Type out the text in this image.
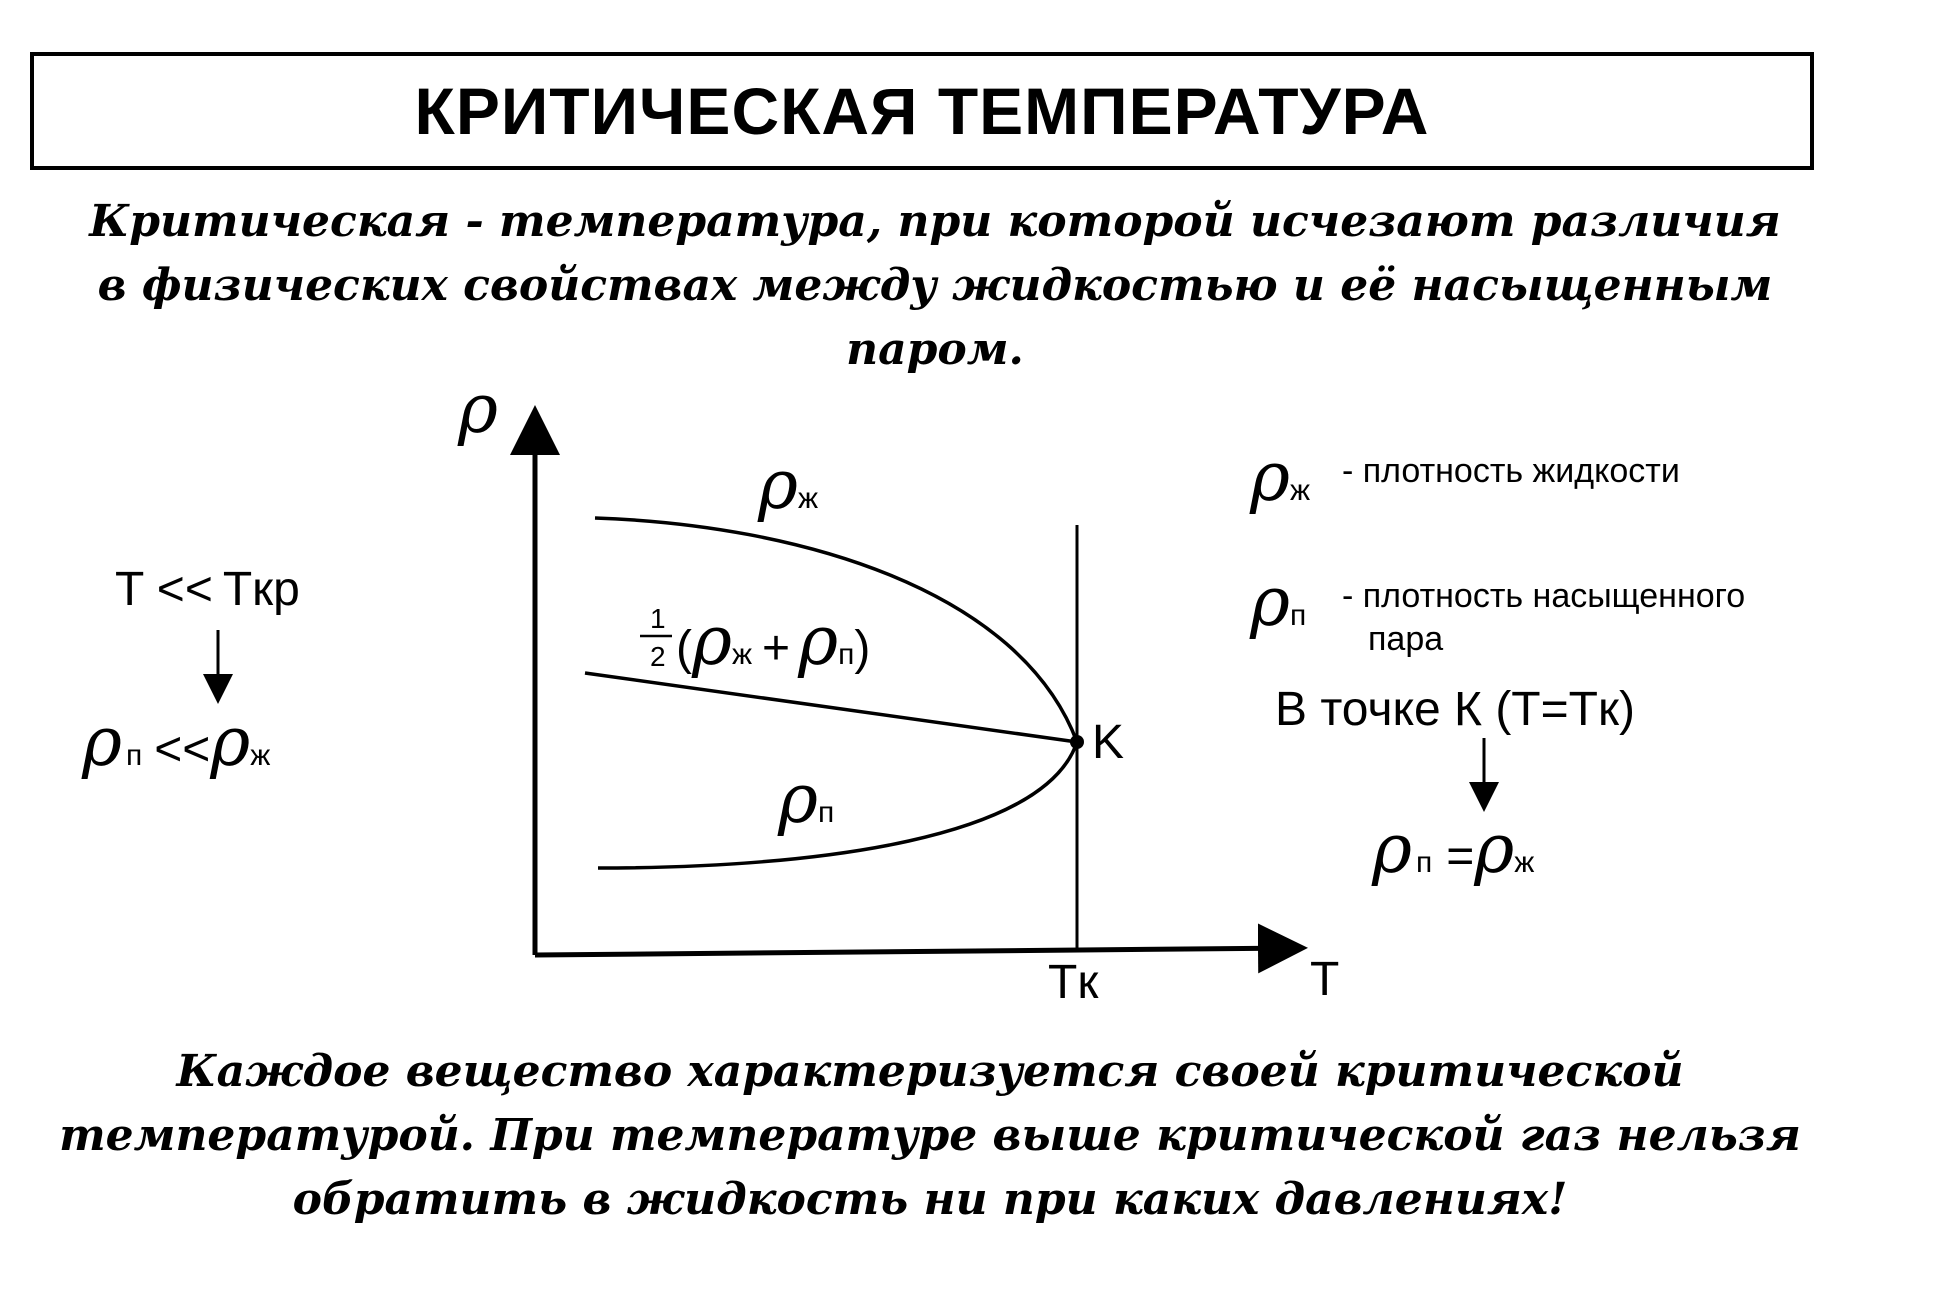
КРИТИЧЕСКАЯ ТЕМПЕРАТУРА
Критическая - температура, при которой исчезают различия
в физических свойствах между жидкостью и её насыщенным
паром.
ρ
T
Tк
K
ρж
ρп
1
2 (ρж + ρп)
T << Tкр
ρп <<ρж
ρж
- плотность жидкости
ρп
- плотность насыщенного
пара
В точке К (T=Tк)
ρп =ρж
Каждое вещество характеризуется своей критической
температурой. При температуре выше критической газ нельзя
обратить в жидкость ни при каких давлениях!
